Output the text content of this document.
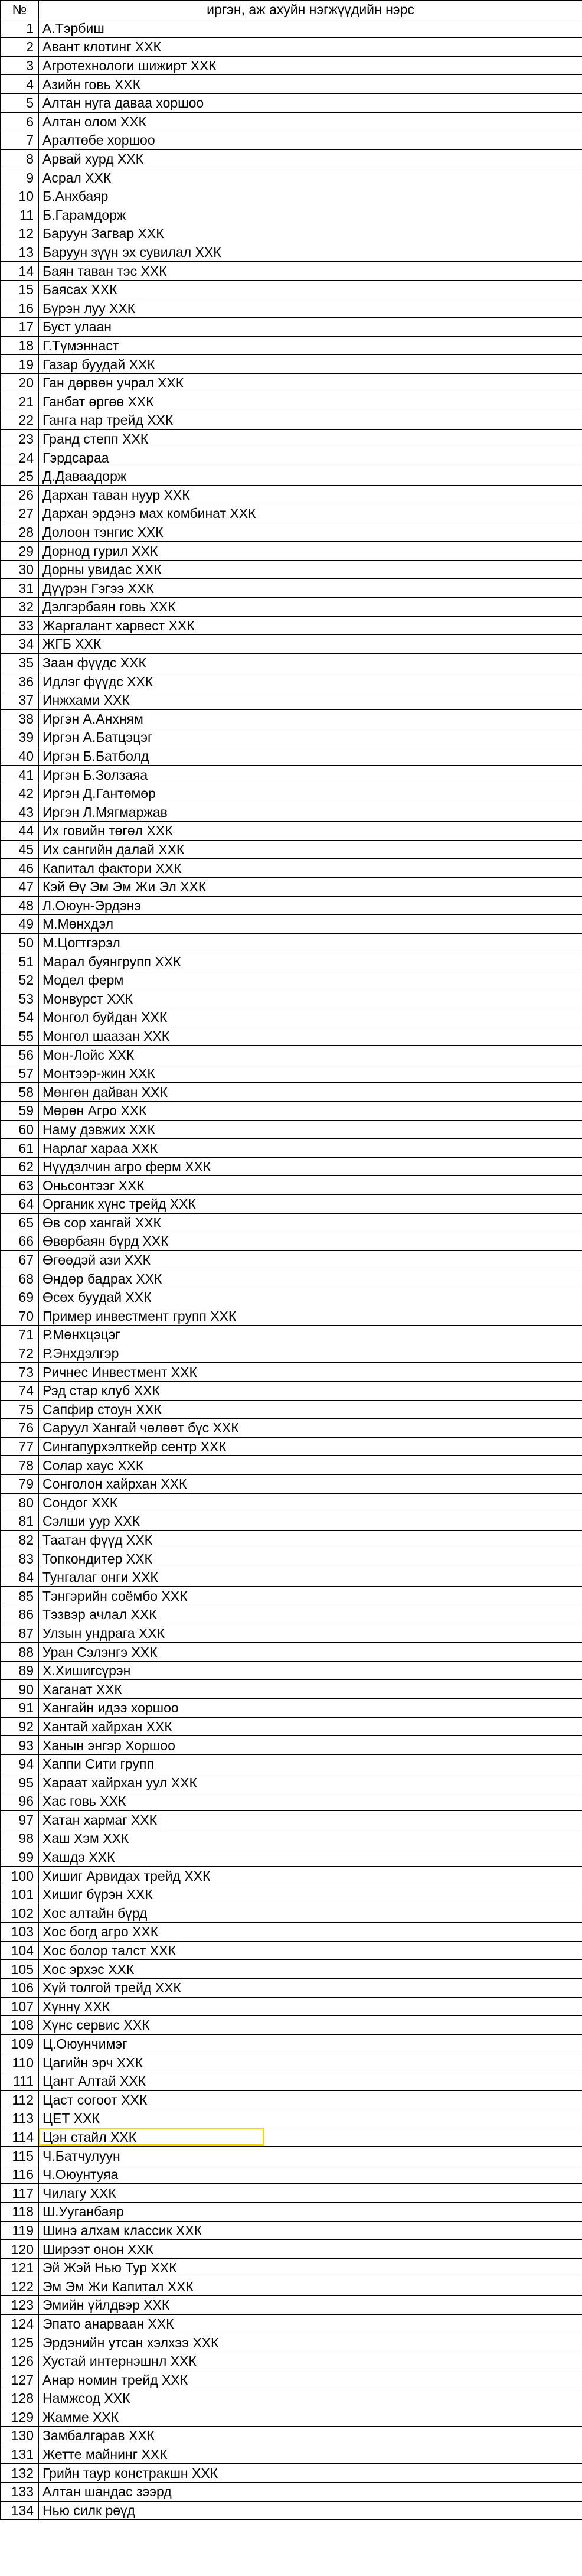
№	иргэн, аж ахуйн нэгжүүдийн нэрс
1	А.Тэрбиш
2	Авант клотинг ХХК
3	Агротехнологи шижирт ХХК
4	Азийн говь ХХК
5	Алтан нуга даваа хоршоо
6	Алтан олом ХХК
7	Аралтөбе хоршоо
8	Арвай хурд ХХК
9	Асрал ХХК
10	Б.Анхбаяр
11	Б.Гарамдорж
12	Баруун Загвар ХХК
13	Баруун зүүн эх сувилал ХХК
14	Баян таван тэс ХХК
15	Баясах ХХК
16	Бүрэн луу ХХК
17	Буст улаан
18	Г.Түмэннаст
19	Газар буудай ХХК
20	Ган дөрвөн учрал ХХК
21	Ганбат өргөө ХХК
22	Ганга нар трейд ХХК
23	Гранд степп ХХК
24	Гэрдсараа
25	Д.Даваадорж
26	Дархан таван нуур ХХК
27	Дархан эрдэнэ мах комбинат ХХК
28	Долоон тэнгис ХХК
29	Дорнод гурил ХХК
30	Дорны увидас ХХК
31	Дүүрэн Гэгээ ХХК
32	Дэлгэрбаян говь ХХК
33	Жаргалант харвест ХХК
34	ЖГБ ХХК
35	Заан фүүдс ХХК
36	Идлэг фүүдс ХХК
37	Инжхами ХХК
38	Иргэн А.Анхням
39	Иргэн А.Батцэцэг
40	Иргэн Б.Батболд
41	Иргэн Б.Золзаяа
42	Иргэн Д.Гантөмөр
43	Иргэн Л.Мягмаржав
44	Их говийн төгөл ХХК
45	Их сангийн далай ХХК
46	Капитал фактори ХХК
47	Кэй Өү Эм Эм Жи Эл ХХК
48	Л.Оюун-Эрдэнэ
49	М.Мөнхдэл
50	М.Цогтгэрэл
51	Марал буянгрупп ХХК
52	Модел ферм
53	Монвурст ХХК
54	Монгол буйдан ХХК
55	Монгол шаазан ХХК
56	Мон-Лойс ХХК
57	Монтээр-жин ХХК
58	Мөнгөн дайван ХХК
59	Мөрөн Агро ХХК
60	Наму дэвжих ХХК
61	Нарлаг хараа ХХК
62	Нүүдэлчин агро ферм ХХК
63	Оньсонтээг ХХК
64	Органик хүнс трейд ХХК
65	Өв сор хангай ХХК
66	Өвөрбаян бүрд ХХК
67	Өгөөдэй ази ХХК
68	Өндөр бадрах ХХК
69	Өсөх буудай ХХК
70	Пример инвестмент групп ХХК
71	Р.Мөнхцэцэг
72	Р.Энхдэлгэр
73	Ричнес Инвестмент ХХК
74	Рэд стар клуб ХХК
75	Сапфир стоун ХХК
76	Саруул Хангай чөлөөт бүс ХХК
77	Сингапурхэлткейр сентр ХХК
78	Солар хаус ХХК
79	Сонголон хайрхан ХХК
80	Сондог ХХК
81	Сэлши уур ХХК
82	Таатан фүүд ХХК
83	Топкондитер ХХК
84	Тунгалаг онги ХХК
85	Тэнгэрийн соёмбо ХХК
86	Тэзвэр ачлал ХХК
87	Улзын ундрага ХХК
88	Уран Сэлэнгэ ХХК
89	Х.Хишигсүрэн
90	Хаганат ХХК
91	Хангайн идээ хоршоо
92	Хантай хайрхан ХХК
93	Ханын энгэр Хоршоо
94	Хаппи Сити групп
95	Хараат хайрхан уул ХХК
96	Хас говь ХХК
97	Хатан хармаг ХХК
98	Хаш Хэм ХХК
99	Хашдэ ХХК
100	Хишиг Арвидах трейд ХХК
101	Хишиг бүрэн ХХК
102	Хос алтайн бүрд
103	Хос богд агро ХХК
104	Хос болор талст ХХК
105	Хос эрхэс ХХК
106	Хүй толгой трейд ХХК
107	Хүннү ХХК
108	Хүнс сервис ХХК
109	Ц.Оюунчимэг
110	Цагийн эрч ХХК
111	Цант Алтай ХХК
112	Цаст согоот ХХК
113	ЦЕТ ХХК
114	Цэн стайл ХХК
115	Ч.Батчулуун
116	Ч.Оюунтуяа
117	Чилагу ХХК
118	Ш.Ууганбаяр
119	Шинэ алхам классик ХХК
120	Ширээт онон ХХК
121	Эй Жэй Нью Тур ХХК
122	Эм Эм Жи Капитал ХХК
123	Эмийн үйлдвэр ХХК
124	Эпато анарваан ХХК
125	Эрдэнийн утсан хэлхээ ХХК
126	Хустай интернэшнл ХХК
127	Анар номин трейд ХХК
128	Намжсод ХХК
129	Жамме ХХК
130	Замбалгарав ХХК
131	Жетте майнинг ХХК
132	Грийн таур констракшн ХХК
133	Алтан шандас зээрд
134	Нью силк рөүд
